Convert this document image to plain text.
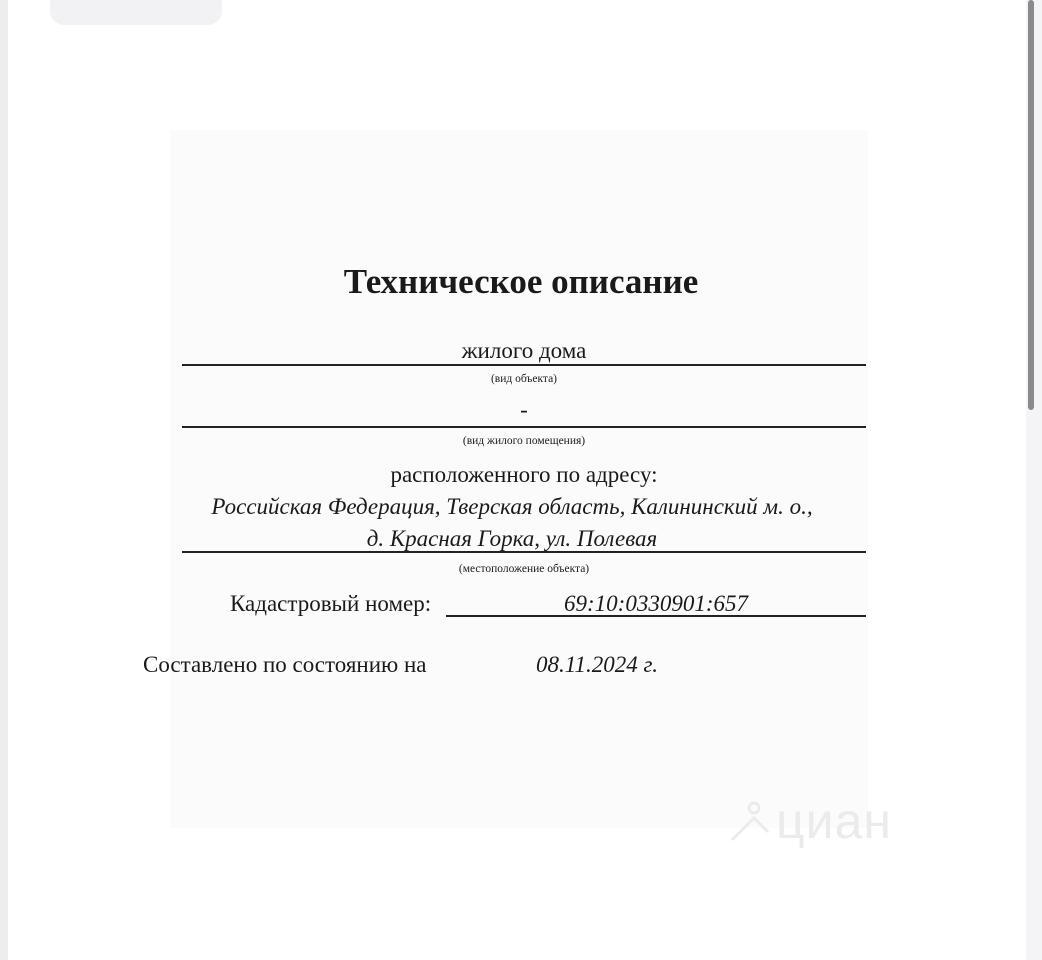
Техническое описание
жилого дома
(вид объекта)
-
(вид жилого помещения)
расположенного по адресу:
Российская Федерация, Тверская область, Калининский м. о.,
д. Красная Горка, ул. Полевая
(местоположение объекта)
Кадастровый номер:	69:10:0330901:657
Составлено по состоянию на	08.11.2024 г.
циан
